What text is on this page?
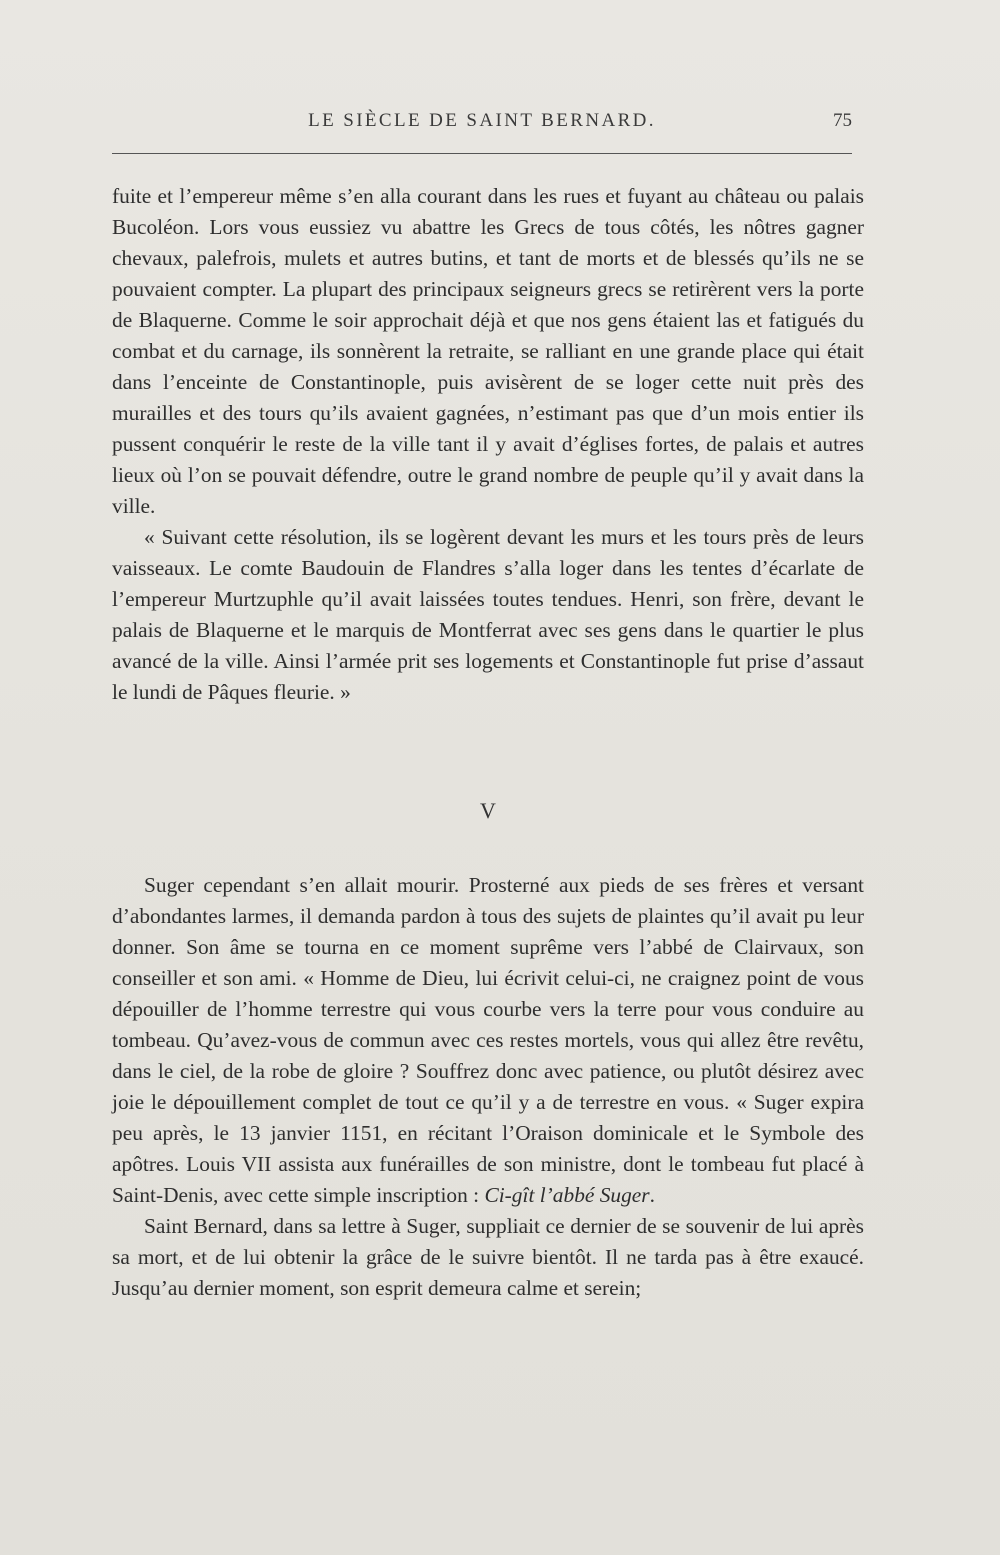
LE SIÈCLE DE SAINT BERNARD.	75

fuite et l’empereur même s’en alla courant dans les rues et fuyant au château ou palais Bucoléon. Lors vous eussiez vu abattre les Grecs de tous côtés, les nôtres gagner chevaux, palefrois, mulets et autres butins, et tant de morts et de blessés qu’ils ne se pouvaient compter. La plupart des principaux seigneurs grecs se retirèrent vers la porte de Blaquerne. Comme le soir approchait déjà et que nos gens étaient las et fatigués du combat et du carnage, ils sonnèrent la retraite, se ralliant en une grande place qui était dans l’enceinte de Constantinople, puis avisèrent de se loger cette nuit près des murailles et des tours qu’ils avaient gagnées, n’estimant pas que d’un mois entier ils pussent conquérir le reste de la ville tant il y avait d’églises fortes, de palais et autres lieux où l’on se pouvait défendre, outre le grand nombre de peuple qu’il y avait dans la ville.

« Suivant cette résolution, ils se logèrent devant les murs et les tours près de leurs vaisseaux. Le comte Baudouin de Flandres s’alla loger dans les tentes d’écarlate de l’empereur Murtzuphle qu’il avait laissées toutes tendues. Henri, son frère, devant le palais de Blaquerne et le marquis de Montferrat avec ses gens dans le quartier le plus avancé de la ville. Ainsi l’armée prit ses logements et Constantinople fut prise d’assaut le lundi de Pâques fleurie. »

V

Suger cependant s’en allait mourir. Prosterné aux pieds de ses frères et versant d’abondantes larmes, il demanda pardon à tous des sujets de plaintes qu’il avait pu leur donner. Son âme se tourna en ce moment suprême vers l’abbé de Clairvaux, son conseiller et son ami. « Homme de Dieu, lui écrivit celui-ci, ne craignez point de vous dépouiller de l’homme terrestre qui vous courbe vers la terre pour vous conduire au tombeau. Qu’avez-vous de commun avec ces restes mortels, vous qui allez être revêtu, dans le ciel, de la robe de gloire ? Souffrez donc avec patience, ou plutôt désirez avec joie le dépouillement complet de tout ce qu’il y a de terrestre en vous. « Suger expira peu après, le 13 janvier 1151, en récitant l’Oraison dominicale et le Symbole des apôtres. Louis VII assista aux funérailles de son ministre, dont le tombeau fut placé à Saint-Denis, avec cette simple inscription : Ci-gît l’abbé Suger.

Saint Bernard, dans sa lettre à Suger, suppliait ce dernier de se souvenir de lui après sa mort, et de lui obtenir la grâce de le suivre bientôt. Il ne tarda pas à être exaucé. Jusqu’au dernier moment, son esprit demeura calme et serein;
